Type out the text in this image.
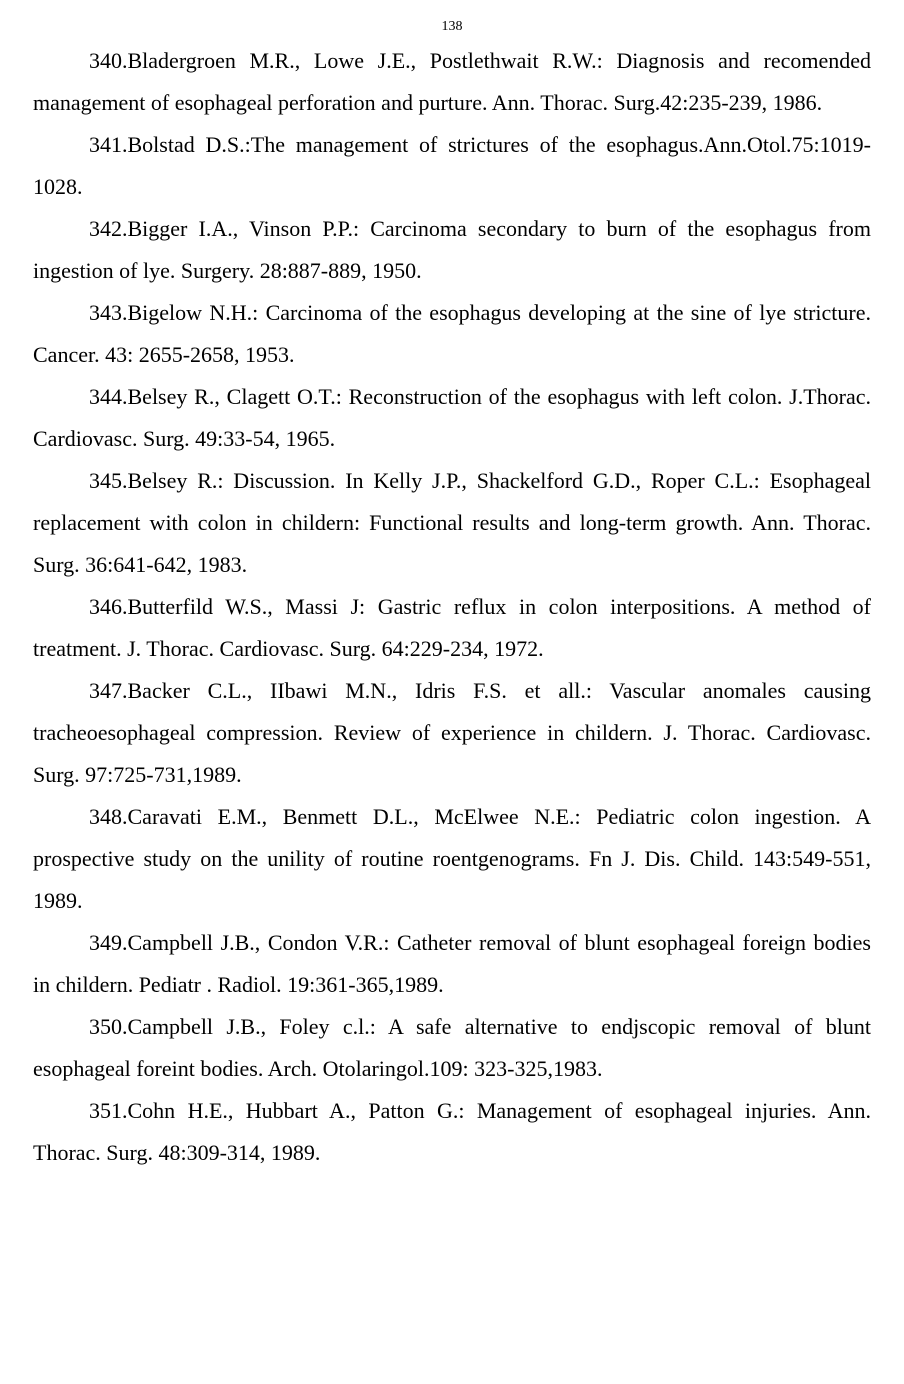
138

340.Bladergroen M.R., Lowe J.E., Postlethwait R.W.: Diagnosis and recomended management of esophageal perforation and purture. Ann. Thorac. Surg.42:235-239, 1986.

341.Bolstad D.S.:The management of strictures of the esophagus.Ann.Otol.75:1019-1028.

342.Bigger I.A., Vinson P.P.: Carcinoma secondary to burn of the esophagus from ingestion of lye. Surgery. 28:887-889, 1950.

343.Bigelow N.H.: Carcinoma of the esophagus developing at the sine of lye stricture. Cancer. 43: 2655-2658, 1953.

344.Belsey R., Clagett O.T.: Reconstruction of the esophagus with left colon. J.Thorac. Cardiovasc. Surg. 49:33-54, 1965.

345.Belsey R.: Discussion. In Kelly J.P., Shackelford G.D., Roper C.L.: Esophageal replacement with colon in childern: Functional results and long-term growth. Ann. Thorac. Surg. 36:641-642, 1983.

346.Butterfild W.S., Massi J: Gastric reflux in colon interpositions. A method of treatment. J. Thorac. Cardiovasc. Surg. 64:229-234, 1972.

347.Backer C.L., IIbawi M.N., Idris F.S. et all.: Vascular anomales causing tracheoesophageal compression. Review of experience in childern. J. Thorac. Cardiovasc. Surg. 97:725-731,1989.

348.Caravati E.M., Benmett D.L., McElwee N.E.: Pediatric colon ingestion. A prospective study on the unility of routine roentgenograms. Fn J. Dis. Child. 143:549-551, 1989.

349.Campbell J.B., Condon V.R.: Catheter removal of blunt esophageal foreign bodies in childern. Pediatr . Radiol. 19:361-365,1989.

350.Campbell J.B., Foley c.l.: A safe alternative to endjscopic removal of blunt esophageal foreint bodies. Arch. Otolaringol.109: 323-325,1983.

351.Cohn H.E., Hubbart A., Patton G.: Management of esophageal injuries. Ann. Thorac. Surg. 48:309-314, 1989.
